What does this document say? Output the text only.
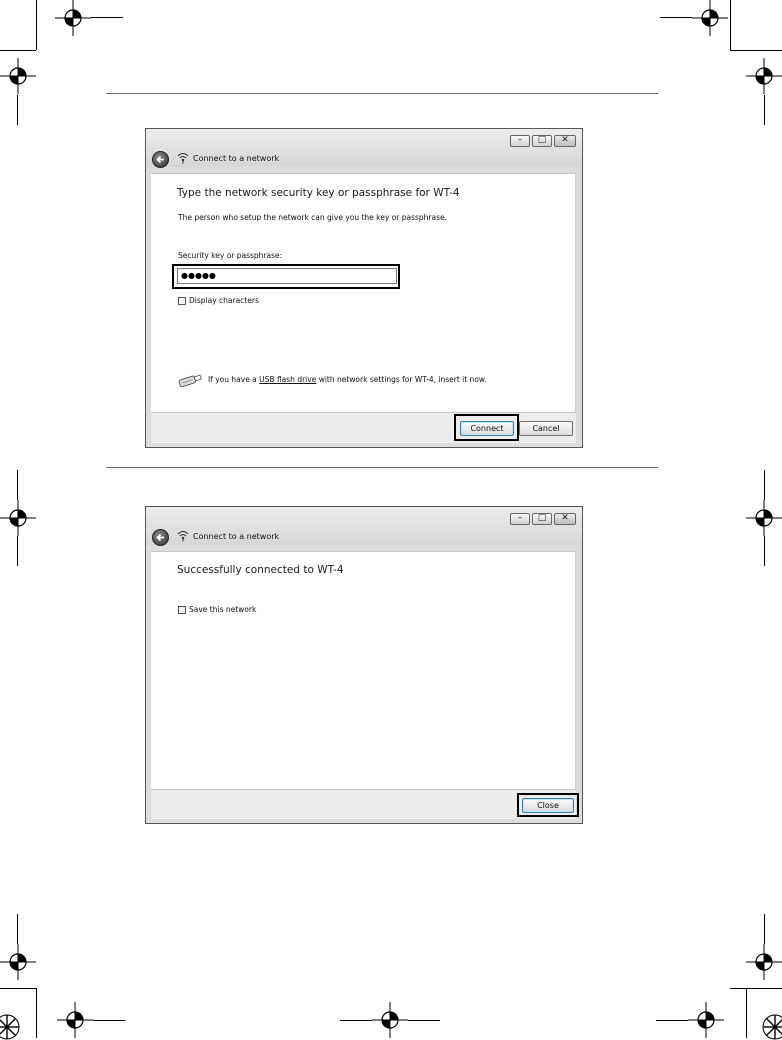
–	□	✕
Connect to a network
Type the network security key or passphrase for WT-4
The person who setup the network can give you the key or passphrase.
Security key or passphrase:
●●●●●
Display characters
If you have a USB flash drive with network settings for WT-4, insert it now.
Connect	Cancel
–	□	✕
Connect to a network
Successfully connected to WT-4
Save this network
Close
